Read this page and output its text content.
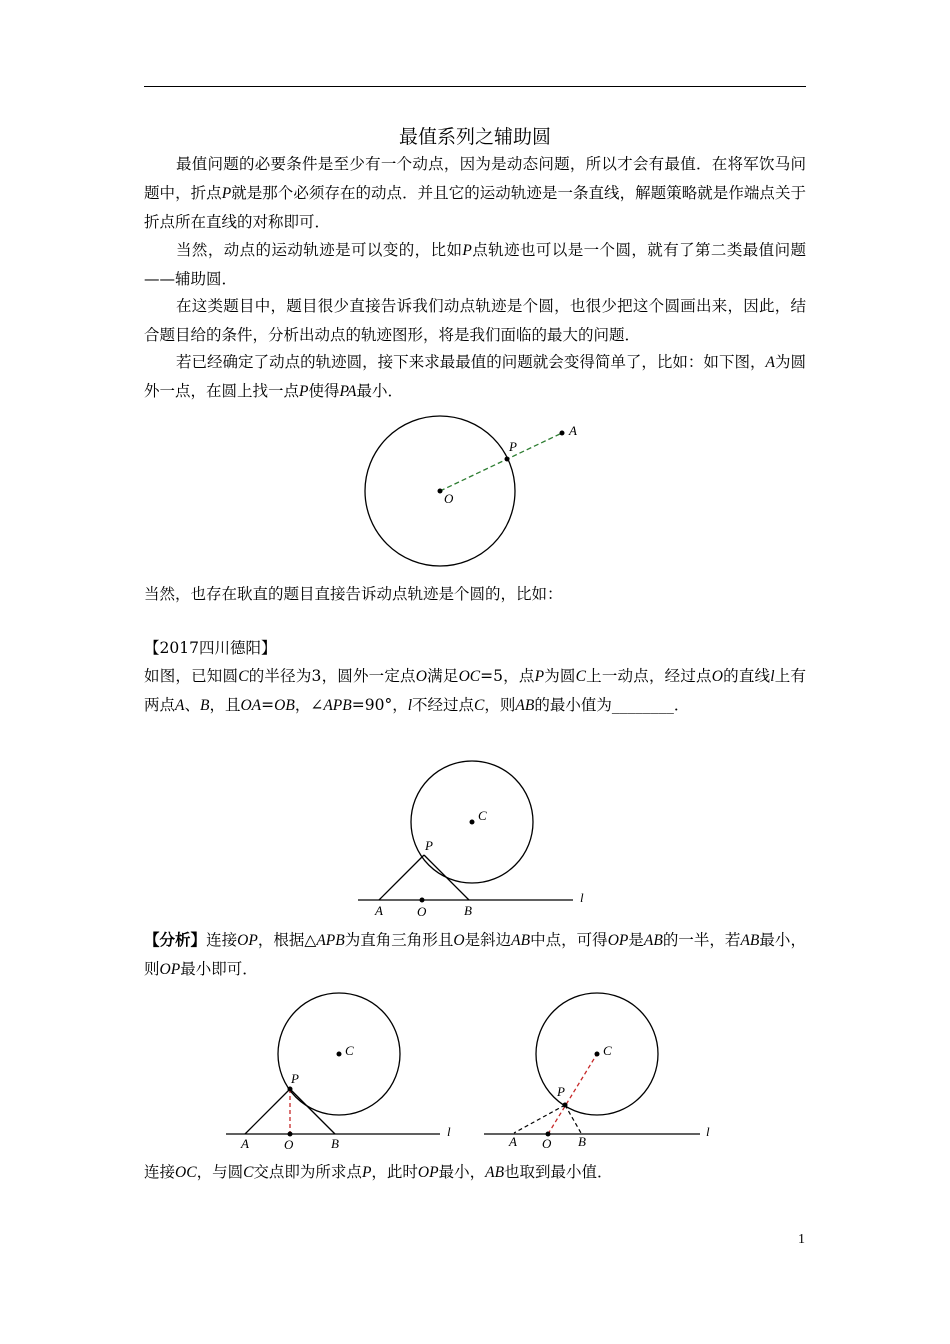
最值系列之辅助圆
最值问题的必要条件是至少有一个动点，因为是动态问题，所以才会有最值．在将军饮马问题中，折点P就是那个必须存在的动点．并且它的运动轨迹是一条直线，解题策略就是作端点关于折点所在直线的对称即可．
当然，动点的运动轨迹是可以变的，比如P点轨迹也可以是一个圆，就有了第二类最值问题——辅助圆．
在这类题目中，题目很少直接告诉我们动点轨迹是个圆，也很少把这个圆画出来，因此，结合题目给的条件，分析出动点的轨迹图形，将是我们面临的最大的问题．
若已经确定了动点的轨迹圆，接下来求最最值的问题就会变得简单了，比如：如下图，A为圆外一点，在圆上找一点P使得PA最小．
O
P
A
当然，也存在耿直的题目直接告诉动点轨迹是个圆的，比如：
【2017四川德阳】
如图，已知圆C的半径为3，圆外一定点O满足OC=5，点P为圆C上一动点，经过点O的直线l上有两点A、B，且OA=OB，∠APB=90°，l不经过点C，则AB的最小值为________．
C
P
A	O	B
l
【分析】连接OP，根据△APB为直角三角形且O是斜边AB中点，可得OP是AB的一半，若AB最小，则OP最小即可．
C
P
A	O	B
l
C
P
A O B
l
连接OC，与圆C交点即为所求点P，此时OP最小，AB也取到最小值．
1
